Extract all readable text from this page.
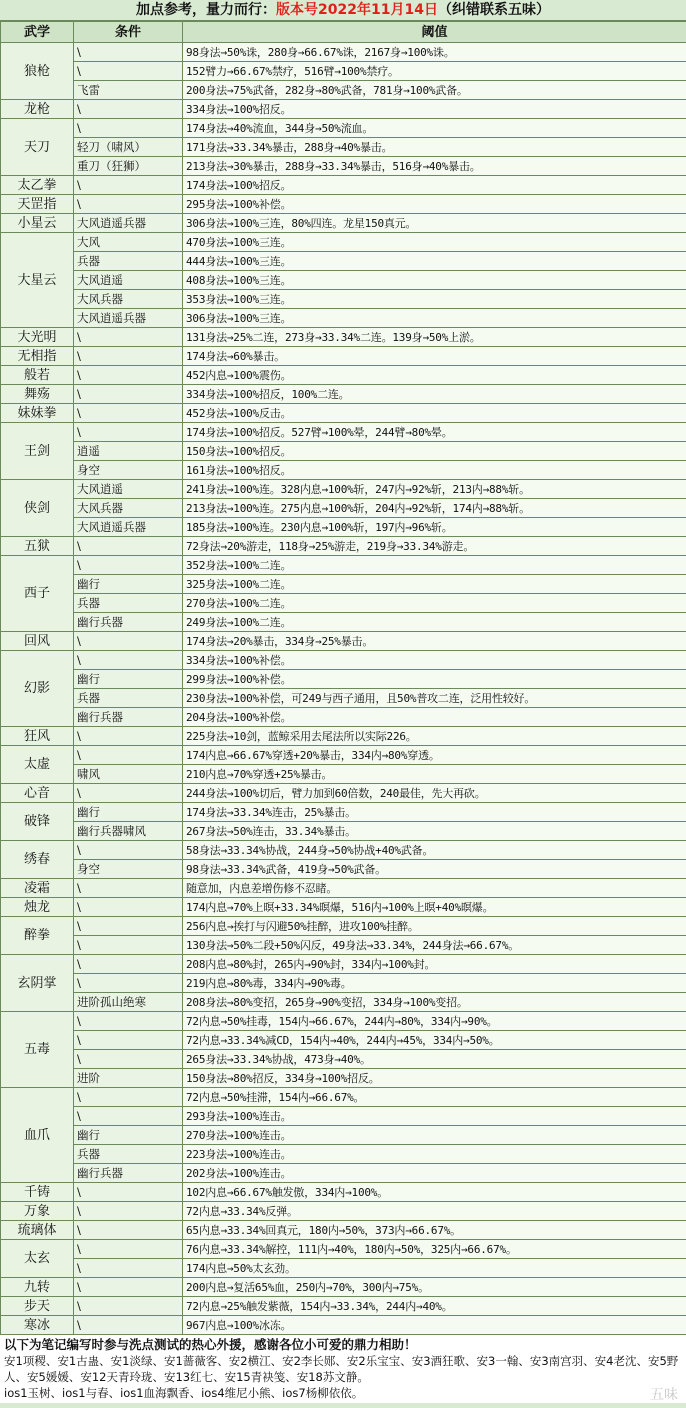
加点参考，量力而行：版本号2022年11月14日（纠错联系五味）
武学	条件	阈值
狼枪	\	98身法→50%诛，280身→66.67%诛，2167身→100%诛。
	\	152臂力→66.67%禁疗，516臂→100%禁疗。
	飞雷	200身法→75%武备，282身→80%武备，781身→100%武备。
龙枪	\	334身法→100%招反。
天刀	\	174身法→40%流血，344身→50%流血。
	轻刀（啸风）	171身法→33.34%暴击，288身→40%暴击。
	重刀（狂狮）	213身法→30%暴击，288身→33.34%暴击，516身→40%暴击。
太乙拳	\	174身法→100%招反。
天罡指	\	295身法→100%补偿。
小星云	大风逍遥兵器	306身法→100%三连，80%四连。龙星150真元。
大星云	大风	470身法→100%三连。
	兵器	444身法→100%三连。
	大风逍遥	408身法→100%三连。
	大风兵器	353身法→100%三连。
	大风逍遥兵器	306身法→100%三连。
大光明	\	131身法→25%二连，273身→33.34%二连。139身→50%上淤。
无相指	\	174身法→60%暴击。
般若	\	452内息→100%震伤。
舞殇	\	334身法→100%招反，100%二连。
妹妹拳	\	452身法→100%反击。
王剑	\	174身法→100%招反。527臂→100%晕，244臂→80%晕。
	逍遥	150身法→100%招反。
	身空	161身法→100%招反。
侠剑	大风逍遥	241身法→100%连。328内息→100%斩，247内→92%斩，213内→88%斩。
	大风兵器	213身法→100%连。275内息→100%斩，204内→92%斩，174内→88%斩。
	大风逍遥兵器	185身法→100%连。230内息→100%斩，197内→96%斩。
五狱	\	72身法→20%游走，118身→25%游走，219身→33.34%游走。
西子	\	352身法→100%二连。
	幽行	325身法→100%二连。
	兵器	270身法→100%二连。
	幽行兵器	249身法→100%二连。
回风	\	174身法→20%暴击，334身→25%暴击。
幻影	\	334身法→100%补偿。
	幽行	299身法→100%补偿。
	兵器	230身法→100%补偿，可249与西子通用，且50%普攻二连，泛用性较好。
	幽行兵器	204身法→100%补偿。
狂风	\	225身法→10剑，蓝鲸采用去尾法所以实际226。
太虚	\	174内息→66.67%穿透+20%暴击，334内→80%穿透。
	啸风	210内息→70%穿透+25%暴击。
心音	\	244身法→100%切后，臂力加到60倍数，240最佳，先大再砍。
破锋	幽行	174身法→33.34%连击，25%暴击。
	幽行兵器啸风	267身法→50%连击，33.34%暴击。
绣春	\	58身法→33.34%协战，244身→50%协战+40%武备。
	身空	98身法→33.34%武备，419身→50%武备。
凌霜	\	随意加，内息差增伤修不忍睹。
烛龙	\	174内息→70%上暝+33.34%暝爆，516内→100%上暝+40%暝爆。
醉拳	\	256内息→挨打与闪避50%挂醉，进攻100%挂醉。
	\	130身法→50%二段+50%闪反，49身法→33.34%，244身法→66.67%。
玄阴掌	\	208内息→80%封，265内→90%封，334内→100%封。
	\	219内息→80%毒，334内→90%毒。
	进阶孤山绝寒	208身法→80%变招，265身→90%变招，334身→100%变招。
五毒	\	72内息→50%挂毒，154内→66.67%，244内→80%，334内→90%。
	\	72内息→33.34%减CD，154内→40%，244内→45%，334内→50%。
	\	265身法→33.34%协战，473身→40%。
	进阶	150身法→80%招反，334身→100%招反。
血爪	\	72内息→50%挂滞，154内→66.67%。
	\	293身法→100%连击。
	幽行	270身法→100%连击。
	兵器	223身法→100%连击。
	幽行兵器	202身法→100%连击。
千铸	\	102内息→66.67%触发傲，334内→100%。
万象	\	72内息→33.34%反弹。
琉璃体	\	65内息→33.34%回真元，180内→50%，373内→66.67%。
太玄	\	76内息→33.34%解控，111内→40%，180内→50%，325内→66.67%。
	\	174内息→50%太玄劲。
九转	\	200内息→复活65%血，250内→70%，300内→75%。
步天	\	72内息→25%触发紫薇，154内→33.34%，244内→40%。
寒冰	\	967内息→100%冰冻。
以下为笔记编写时参与洗点测试的热心外援，感谢各位小可爱的鼎力相助！
安1项稷、安1古蛊、安1淡绿、安1蔷薇客、安2横江、安2李长郧、安2乐宝宝、安3酒狂歌、安3一翰、安3南宫羽、安4老沈、安5野人、安5媛媛、安12天青玲珑、安13红七、安15青袂笺、安18苏文静。
ios1玉树、ios1与春、ios1血海飘香、ios4维尼小熊、ios7杨柳依依。	五味
